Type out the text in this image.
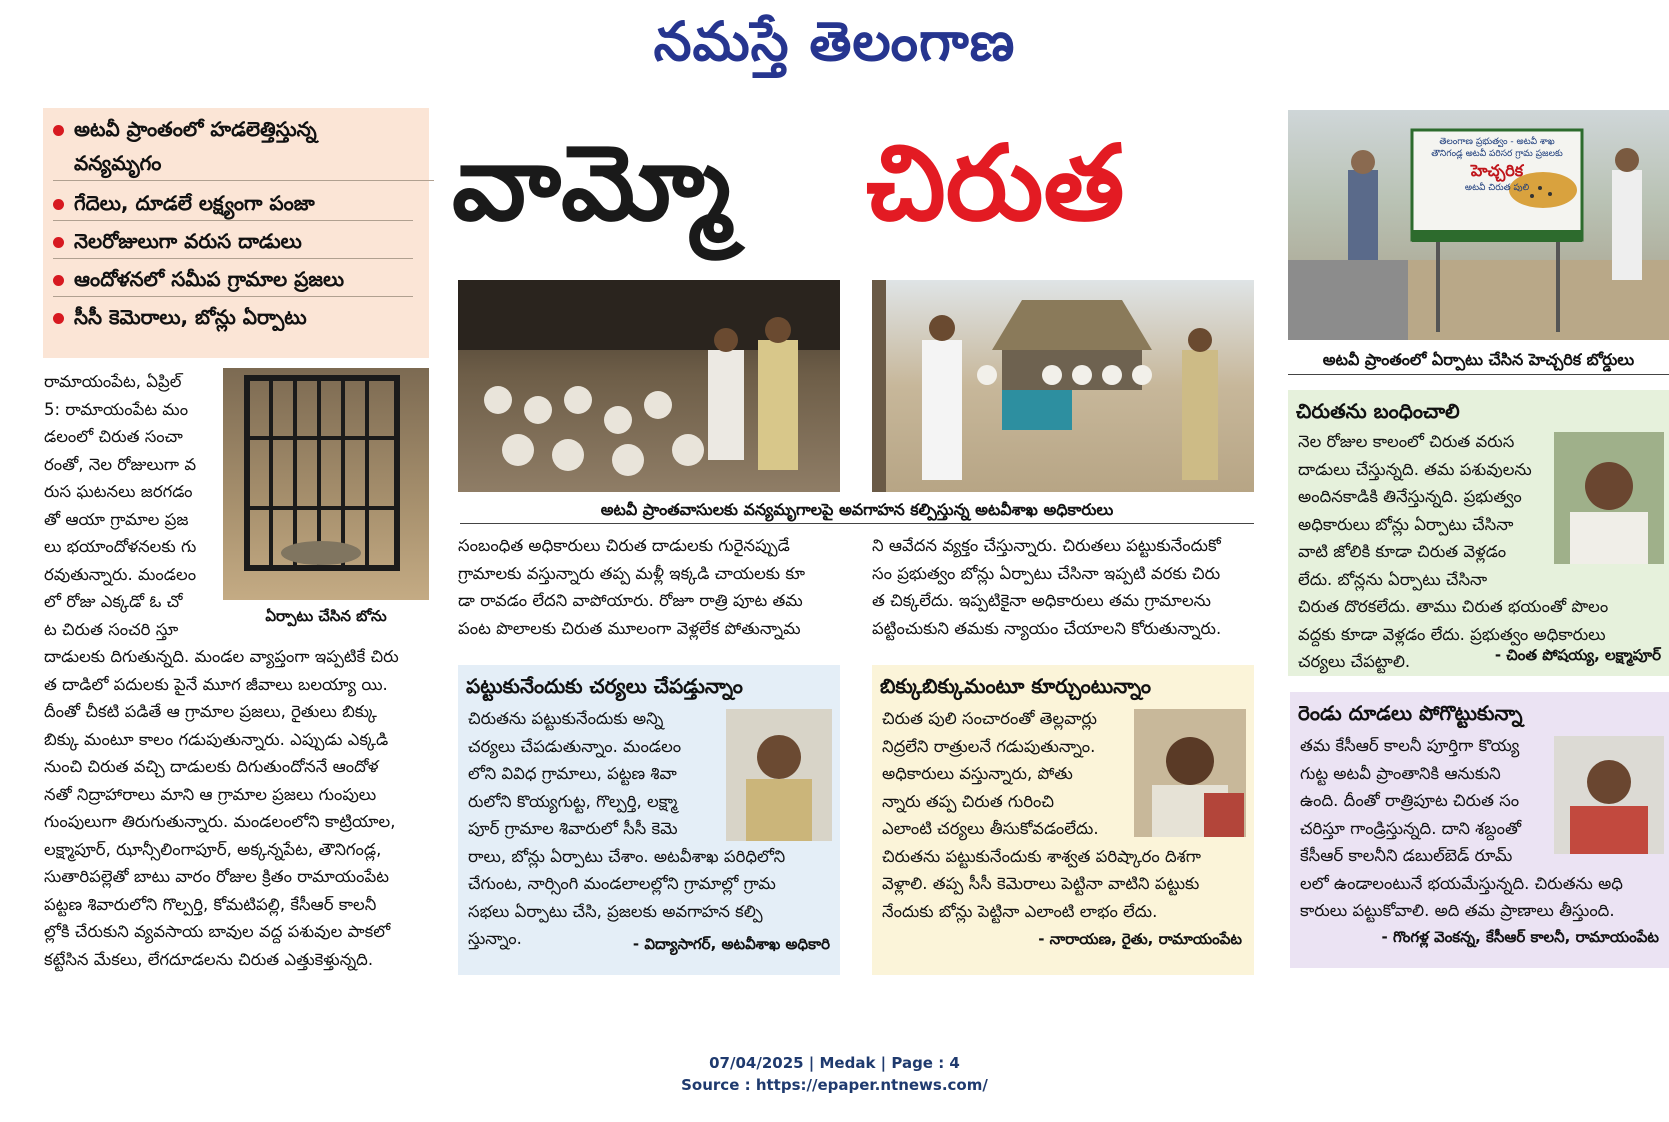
నమస్తే తెలంగాణ
అటవీ ప్రాంతంలో హడలెత్తిస్తున్న
వన్యమృగం
గేదెలు, దూడలే లక్ష్యంగా పంజా
నెలరోజులుగా వరుస దాడులు
ఆందోళనలో సమీప గ్రామాల ప్రజలు
సీసీ కెమెరాలు, బోన్లు ఏర్పాటు
వామ్మో చిరుత	తెలంగాణ ప్రభుత్వం - అటవీ శాఖ
తౌనిగండ్ల అటవీ పరిసర గ్రామ ప్రజలకు
హెచ్చరిక
అటవీ చిరుత పులి
అటవీ ప్రాంతంలో ఏర్పాటు చేసిన హెచ్చరిక బోర్డులు
అటవీ ప్రాంతవాసులకు వన్యమృగాలపై అవగాహన కల్పిస్తున్న అటవీశాఖ అధికారులు
ఏర్పాటు చేసిన బోను
రామాయంపేట, ఏప్రిల్
5: రామాయంపేట మం
డలంలో చిరుత సంచా
రంతో, నెల రోజులుగా వ
రుస ఘటనలు జరగడం
తో ఆయా గ్రామాల ప్రజ
లు భయాందోళనలకు గు
రవుతున్నారు. మండలం
లో రోజు ఎక్కడో ఓ చో
ట చిరుత సంచరి స్తూ
దాడులకు దిగుతున్నది. మండల వ్యాప్తంగా ఇప్పటికే చిరు
త దాడిలో పదులకు పైనే మూగ జీవాలు బలయ్యా యి.
దీంతో చీకటి పడితే ఆ గ్రామాల ప్రజలు, రైతులు బిక్కు
బిక్కు మంటూ కాలం గడుపుతున్నారు. ఎప్పుడు ఎక్కడి
నుంచి చిరుత వచ్చి దాడులకు దిగుతుందోననే ఆందోళ
నతో నిద్రాహారాలు మాని ఆ గ్రామాల ప్రజలు గుంపులు
గుంపులుగా తిరుగుతున్నారు. మండలంలోని కాట్రియాల,
లక్ష్మాపూర్, ఝాన్సీలింగాపూర్, అక్కన్నపేట, తౌనిగండ్ల,
సుతారిపల్లెతో బాటు వారం రోజుల క్రితం రామాయంపేట
పట్టణ శివారులోని గొల్పర్తి, కోమటిపల్లి, కేసీఆర్ కాలనీ
ల్లోకి చేరుకుని వ్యవసాయ బావుల వద్ద పశువుల పాకలో
కట్టేసిన మేకలు, లేగదూడలను చిరుత ఎత్తుకెళ్తున్నది.
సంబంధిత అధికారులు చిరుత దాడులకు గురైనప్పుడే
గ్రామాలకు వస్తున్నారు తప్ప మళ్లీ ఇక్కడి చాయలకు కూ
డా రావడం లేదని వాపోయారు. రోజూ రాత్రి పూట తమ
పంట పొలాలకు చిరుత మూలంగా వెళ్లలేక పోతున్నామ
ని ఆవేదన వ్యక్తం చేస్తున్నారు. చిరుతలు పట్టుకునేందుకో
సం ప్రభుత్వం బోన్లు ఏర్పాటు చేసినా ఇప్పటి వరకు చిరు
త చిక్కలేదు. ఇప్పటికైనా అధికారులు తమ గ్రామాలను
పట్టించుకుని తమకు న్యాయం చేయాలని కోరుతున్నారు.
పట్టుకునేందుకు చర్యలు చేపడ్తున్నాం
చిరుతను పట్టుకునేందుకు అన్ని
చర్యలు చేపడుతున్నాం. మండలం
లోని వివిధ గ్రామాలు, పట్టణ శివా
రులోని కొయ్యగుట్ట, గొల్పర్తి, లక్ష్మా
పూర్ గ్రామాల శివారులో సీసీ కెమె
రాలు, బోన్లు ఏర్పాటు చేశాం. అటవీశాఖ పరిధిలోని
చేగుంట, నార్సింగి మండలాలల్లోని గ్రామాల్లో గ్రామ
సభలు ఏర్పాటు చేసి, ప్రజలకు అవగాహన కల్పి
స్తున్నాం.	- విద్యాసాగర్, అటవీశాఖ అధికారి
బిక్కుబిక్కుమంటూ కూర్చుంటున్నాం
చిరుత పులి సంచారంతో తెల్లవార్లు
నిద్రలేని రాత్రులనే గడుపుతున్నాం.
అధికారులు వస్తున్నారు, పోతు
న్నారు తప్ప చిరుత గురించి
ఎలాంటి చర్యలు తీసుకోవడంలేదు.
చిరుతను పట్టుకునేందుకు శాశ్వత పరిష్కారం దిశగా
వెళ్లాలి. తప్ప సీసీ కెమెరాలు పెట్టినా వాటిని పట్టుకు
నేందుకు బోన్లు పెట్టినా ఎలాంటి లాభం లేదు.
- నారాయణ, రైతు, రామాయంపేట
చిరుతను బంధించాలి
నెల రోజుల కాలంలో చిరుత వరుస
దాడులు చేస్తున్నది. తమ పశువులను
అందినకాడికి తినేస్తున్నది. ప్రభుత్వం
అధికారులు బోన్లు ఏర్పాటు చేసినా
వాటి జోలికి కూడా చిరుత వెళ్లడం
లేదు. బోన్లను ఏర్పాటు చేసినా
చిరుత దొరకలేదు. తాము చిరుత భయంతో పొలం
వద్దకు కూడా వెళ్లడం లేదు. ప్రభుత్వం అధికారులు
చర్యలు చేపట్టాలి.	- చింత పోషయ్య, లక్ష్మాపూర్
రెండు దూడలు పోగొట్టుకున్నా
తమ కేసీఆర్ కాలనీ పూర్తిగా కొయ్య
గుట్ట అటవీ ప్రాంతానికి ఆనుకుని
ఉంది. దీంతో రాత్రిపూట చిరుత సం
చరిస్తూ గాండ్రిస్తున్నది. దాని శబ్దంతో
కేసీఆర్ కాలనీని డబుల్‌బెడ్ రూమ్
లలో ఉండాలంటునే భయమేస్తున్నది. చిరుతను అధి
కారులు పట్టుకోవాలి. అది తమ ప్రాణాలు తీస్తుంది.
- గొంగళ్ల వెంకన్న, కేసీఆర్ కాలనీ, రామాయంపేట
07/04/2025 | Medak | Page : 4
Source : https://epaper.ntnews.com/
